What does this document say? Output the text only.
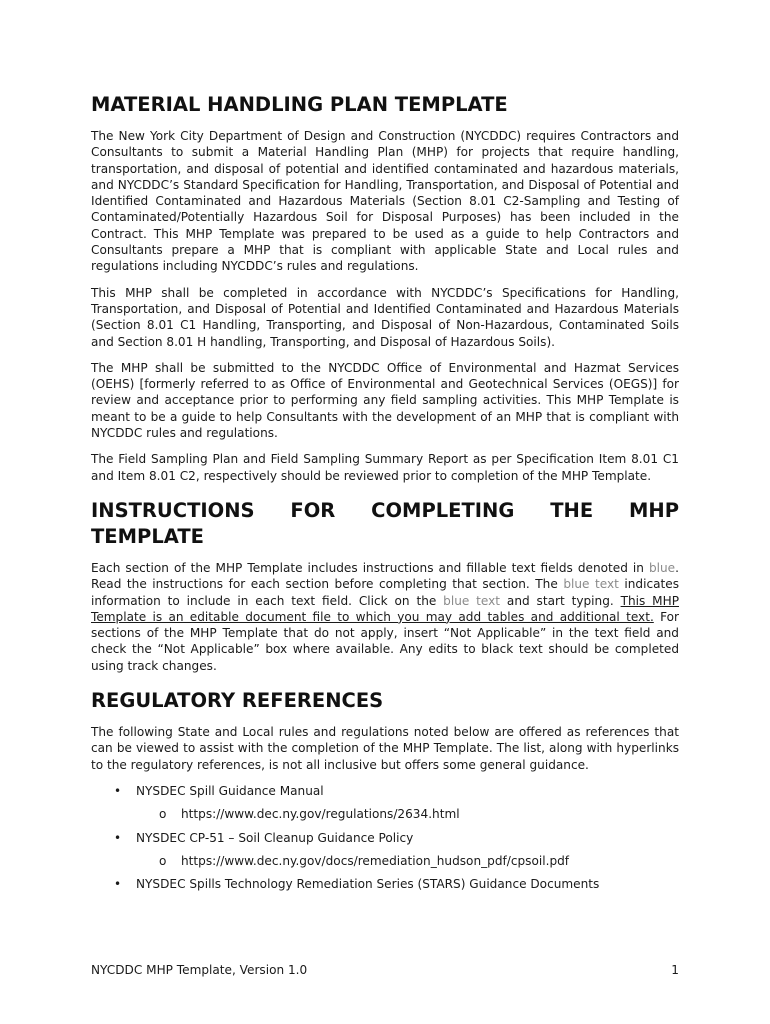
MATERIAL HANDLING PLAN TEMPLATE

The New York City Department of Design and Construction (NYCDDC) requires Contractors and Consultants to submit a Material Handling Plan (MHP) for projects that require handling, transportation, and disposal of potential and identified contaminated and hazardous materials, and NYCDDC’s Standard Specification for Handling, Transportation, and Disposal of Potential and Identified Contaminated and Hazardous Materials (Section 8.01 C2-Sampling and Testing of Contaminated/Potentially Hazardous Soil for Disposal Purposes) has been included in the Contract. This MHP Template was prepared to be used as a guide to help Contractors and Consultants prepare a MHP that is compliant with applicable State and Local rules and regulations including NYCDDC’s rules and regulations.

This MHP shall be completed in accordance with NYCDDC’s Specifications for Handling, Transportation, and Disposal of Potential and Identified Contaminated and Hazardous Materials (Section 8.01 C1 Handling, Transporting, and Disposal of Non-Hazardous, Contaminated Soils and Section 8.01 H handling, Transporting, and Disposal of Hazardous Soils).

The MHP shall be submitted to the NYCDDC Office of Environmental and Hazmat Services (OEHS) [formerly referred to as Office of Environmental and Geotechnical Services (OEGS)] for review and acceptance prior to performing any field sampling activities. This MHP Template is meant to be a guide to help Consultants with the development of an MHP that is compliant with NYCDDC rules and regulations.

The Field Sampling Plan and Field Sampling Summary Report as per Specification Item 8.01 C1 and Item 8.01 C2, respectively should be reviewed prior to completion of the MHP Template.

INSTRUCTIONS FOR COMPLETING THE MHP
TEMPLATE

Each section of the MHP Template includes instructions and fillable text fields denoted in blue. Read the instructions for each section before completing that section. The blue text indicates information to include in each text field. Click on the blue text and start typing. This MHP Template is an editable document file to which you may add tables and additional text. For sections of the MHP Template that do not apply, insert “Not Applicable” in the text field and check the “Not Applicable” box where available. Any edits to black text should be completed using track changes.

REGULATORY REFERENCES

The following State and Local rules and regulations noted below are offered as references that can be viewed to assist with the completion of the MHP Template. The list, along with hyperlinks to the regulatory references, is not all inclusive but offers some general guidance.

• NYSDEC Spill Guidance Manual
o https://www.dec.ny.gov/regulations/2634.html
• NYSDEC CP-51 – Soil Cleanup Guidance Policy
o https://www.dec.ny.gov/docs/remediation_hudson_pdf/cpsoil.pdf
• NYSDEC Spills Technology Remediation Series (STARS) Guidance Documents
NYCDDC MHP Template, Version 1.0	1
